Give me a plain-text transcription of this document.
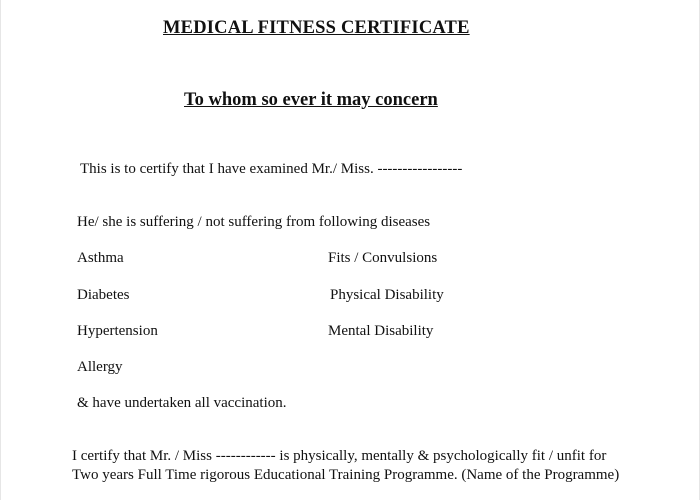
MEDICAL FITNESS CERTIFICATE
To whom so ever it may concern
This is to certify that I have examined Mr./ Miss. -----------------
He/ she is suffering / not suffering from following diseases
Asthma
Diabetes
Hypertension
Allergy
Fits / Convulsions
Physical Disability
Mental Disability
& have undertaken all vaccination.
I certify that Mr. / Miss ------------ is physically, mentally & psychologically fit / unfit for
Two years Full Time rigorous Educational Training Programme. (Name of the Programme)
